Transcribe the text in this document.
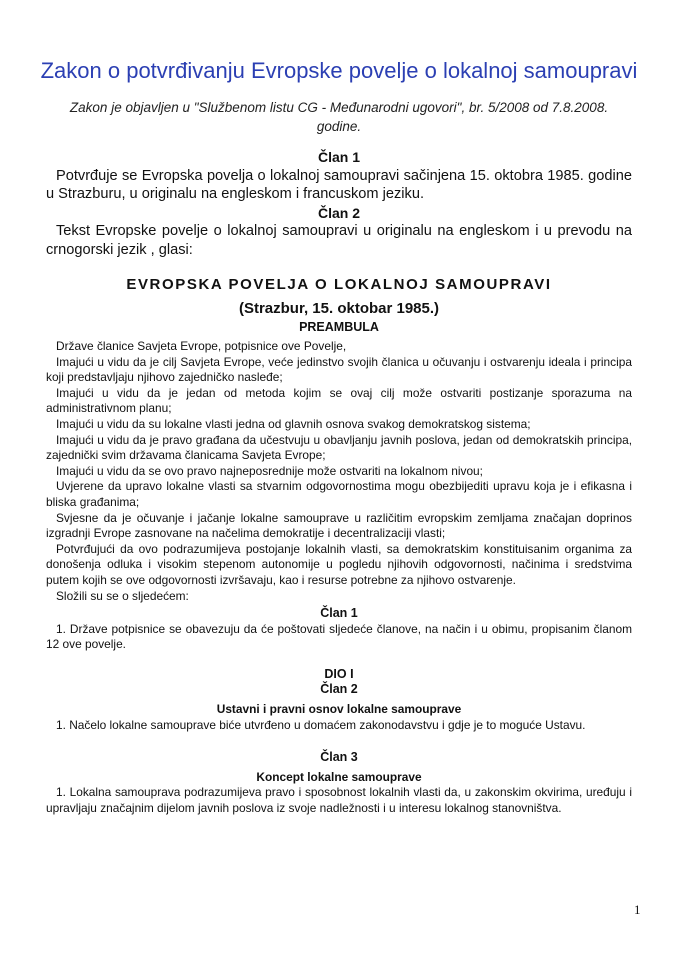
Zakon o potvrđivanju Evropske povelje o lokalnoj samoupravi
Zakon je objavljen u "Službenom listu CG - Međunarodni ugovori", br. 5/2008 od 7.8.2008. godine.
Član 1

Potvrđuje se Evropska povelja o lokalnoj samoupravi sačinjena 15. oktobra 1985. godine u Strazburu, u originalu na engleskom i francuskom jeziku.

Član 2

Tekst Evropske povelje o lokalnoj samoupravi u originalu na engleskom i u prevodu na crnogorski jezik , glasi:

EVROPSKA POVELJA O LOKALNOJ SAMOUPRAVI
(Strazbur, 15. oktobar 1985.)
PREAMBULA

Države članice Savjeta Evrope, potpisnice ove Povelje,

Imajući u vidu da je cilj Savjeta Evrope, veće jedinstvo svojih članica u očuvanju i ostvarenju ideala i principa koji predstavljaju njihovo zajedničko nasleđe;

Imajući u vidu da je jedan od metoda kojim se ovaj cilj može ostvariti postizanje sporazuma na administrativnom planu;

Imajući u vidu da su lokalne vlasti jedna od glavnih osnova svakog demokratskog sistema;

Imajući u vidu da je pravo građana da učestvuju u obavljanju javnih poslova, jedan od demokratskih principa, zajednički svim državama članicama Savjeta Evrope;

Imajući u vidu da se ovo pravo najneposrednije može ostvariti na lokalnom nivou;

Uvjerene da upravo lokalne vlasti sa stvarnim odgovornostima mogu obezbijediti upravu koja je i efikasna i bliska građanima;

Svjesne da je očuvanje i jačanje lokalne samouprave u različitim evropskim zemljama značajan doprinos izgradnji Evrope zasnovane na načelima demokratije i decentralizaciji vlasti;

Potvrđujući da ovo podrazumijeva postojanje lokalnih vlasti, sa demokratskim konstituisanim organima za donošenja odluka i visokim stepenom autonomije u pogledu njihovih odgovornosti, načinima i sredstvima putem kojih se ove odgovornosti izvršavaju, kao i resurse potrebne za njihovo ostvarenje.

Složili su se o sljedećem:

Član 1

1. Države potpisnice se obavezuju da će poštovati sljedeće članove, na način i u obimu, propisanim članom 12 ove povelje.

DIO I
Član 2
Ustavni i pravni osnov lokalne samouprave

1. Načelo lokalne samouprave biće utvrđeno u domaćem zakonodavstvu i gdje je to moguće Ustavu.

Član 3
Koncept lokalne samouprave

1. Lokalna samouprava podrazumijeva pravo i sposobnost lokalnih vlasti da, u zakonskim okvirima, uređuju i upravljaju značajnim dijelom javnih poslova iz svoje nadležnosti i u interesu lokalnog stanovništva.

1
